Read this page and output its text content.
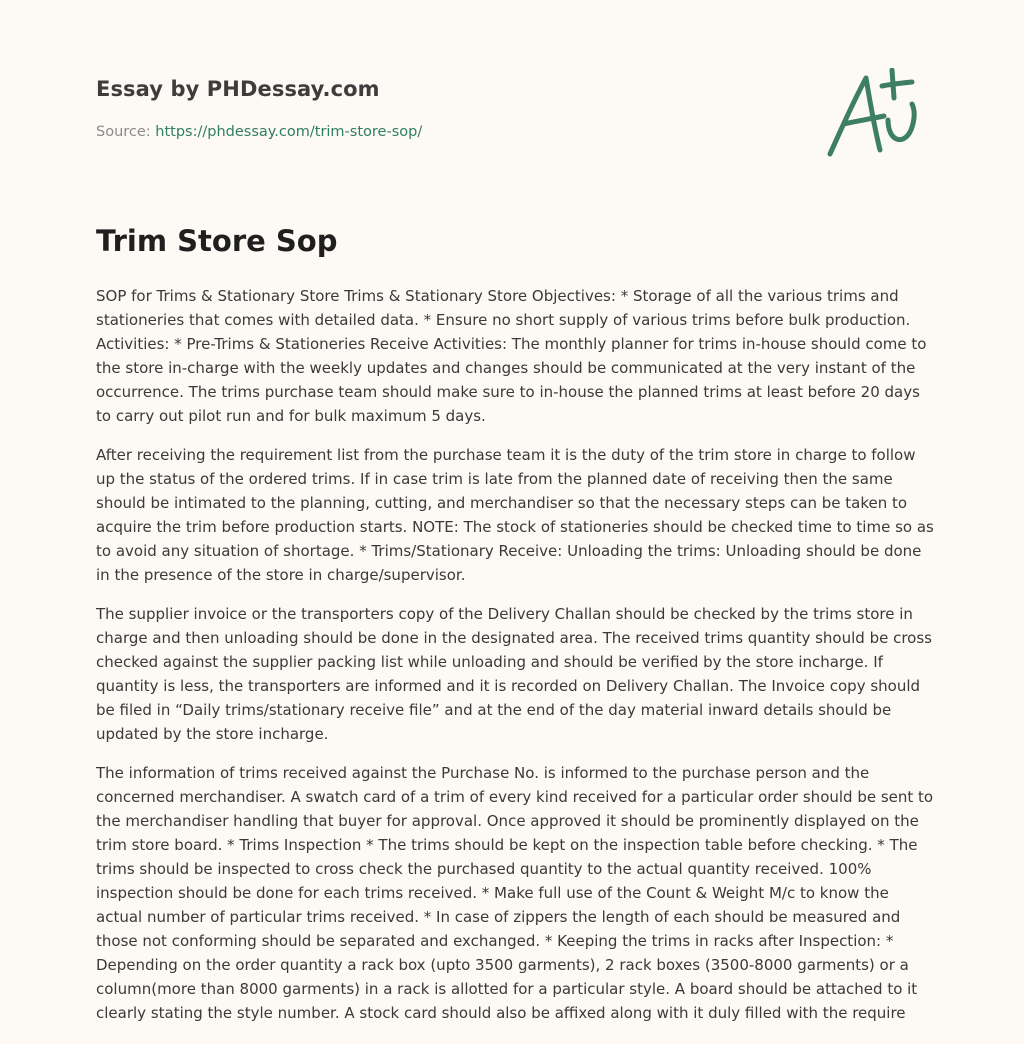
Essay by PHDessay.com
Source: https://phdessay.com/trim-store-sop/
Trim Store Sop

SOP for Trims & Stationary Store Trims & Stationary Store Objectives: * Storage of all the various trims and stationeries that comes with detailed data. * Ensure no short supply of various trims before bulk production. Activities: * Pre-Trims & Stationeries Receive Activities: The monthly planner for trims in-house should come to the store in-charge with the weekly updates and changes should be communicated at the very instant of the occurrence. The trims purchase team should make sure to in-house the planned trims at least before 20 days to carry out pilot run and for bulk maximum 5 days.

After receiving the requirement list from the purchase team it is the duty of the trim store in charge to follow up the status of the ordered trims. If in case trim is late from the planned date of receiving then the same should be intimated to the planning, cutting, and merchandiser so that the necessary steps can be taken to acquire the trim before production starts. NOTE: The stock of stationeries should be checked time to time so as to avoid any situation of shortage. * Trims/Stationary Receive: Unloading the trims: Unloading should be done in the presence of the store in charge/supervisor.

The supplier invoice or the transporters copy of the Delivery Challan should be checked by the trims store in charge and then unloading should be done in the designated area. The received trims quantity should be cross checked against the supplier packing list while unloading and should be verified by the store incharge. If quantity is less, the transporters are informed and it is recorded on Delivery Challan. The Invoice copy should be filed in “Daily trims/stationary receive file” and at the end of the day material inward details should be updated by the store incharge.

The information of trims received against the Purchase No. is informed to the purchase person and the concerned merchandiser. A swatch card of a trim of every kind received for a particular order should be sent to the merchandiser handling that buyer for approval. Once approved it should be prominently displayed on the trim store board. * Trims Inspection * The trims should be kept on the inspection table before checking. * The trims should be inspected to cross check the purchased quantity to the actual quantity received. 100% inspection should be done for each trims received. * Make full use of the Count & Weight M/c to know the actual number of particular trims received. * In case of zippers the length of each should be measured and those not conforming should be separated and exchanged. * Keeping the trims in racks after Inspection: * Depending on the order quantity a rack box (upto 3500 garments), 2 rack boxes (3500-8000 garments) or a column(more than 8000 garments) in a rack is allotted for a particular style. A board should be attached to it clearly stating the style number. A stock card should also be affixed along with it duly filled with the require
